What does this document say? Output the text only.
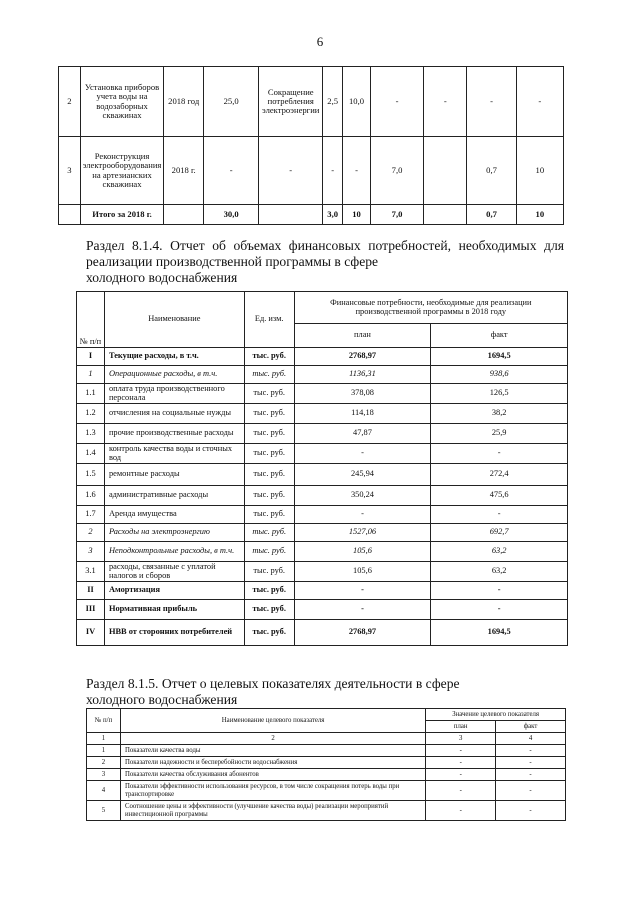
6
2	Установка приборов учета воды на водозаборных скважинах	2018 год	25,0	Сокращение потребления электроэнергии	2,5	10,0	-	-	-	-
3	Реконструкция электрооборудования на артезианских скважинах	2018 г.	-	-	-	-	7,0		0,7	10
	Итого за 2018 г.		30,0		3,0	10	7,0		0,7	10
Раздел 8.1.4. Отчет об объемах финансовых потребностей, необходимых для реализации производственной программы в сфере
холодного водоснабжения
№ п/п	Наименование	Ед. изм.	Финансовые потребности, необходимые для реализации производственной программы в 2018 году	
			план	факт
I	Текущие расходы, в т.ч.	тыс. руб.	2768,97	1694,5
1	Операционные расходы, в т.ч.	тыс. руб.	1136,31	938,6
1.1	оплата труда производственного персонала	тыс. руб.	378,08	126,5
1.2	отчисления на социальные нужды	тыс. руб.	114,18	38,2
1.3	прочие производственные расходы	тыс. руб.	47,87	25,9
1.4	контроль качества воды и сточных вод	тыс. руб.	-	-
1.5	ремонтные расходы	тыс. руб.	245,94	272,4
1.6	административные расходы	тыс. руб.	350,24	475,6
1.7	Аренда имущества	тыс. руб.	-	-
2	Расходы на электроэнергию	тыс. руб.	1527,06	692,7
3	Неподконтрольные расходы, в т.ч.	тыс. руб.	105,6	63,2
3.1	расходы, связанные с уплатой налогов и сборов	тыс. руб.	105,6	63,2
II	Амортизация	тыс. руб.	-	-
III	Нормативная прибыль	тыс. руб.	-	-
IV	НВВ от сторонних потребителей	тыс. руб.	2768,97	1694,5
Раздел 8.1.5. Отчет о целевых показателях деятельности в сфере
холодного водоснабжения
№ п/п	Наименование целевого показателя	Значение целевого показателя	
		план	факт
1	2	3	4
1	Показатели качества воды	-	-
2	Показатели надежности и бесперебойности водоснабжения	-	-
3	Показатели качества обслуживания абонентов	-	-
4	Показатели эффективности использования ресурсов, в том числе сокращения потерь воды при транспортировке	-	-
5	Соотношение цены и эффективности (улучшение качества воды) реализации мероприятий инвестиционной программы	-	-
